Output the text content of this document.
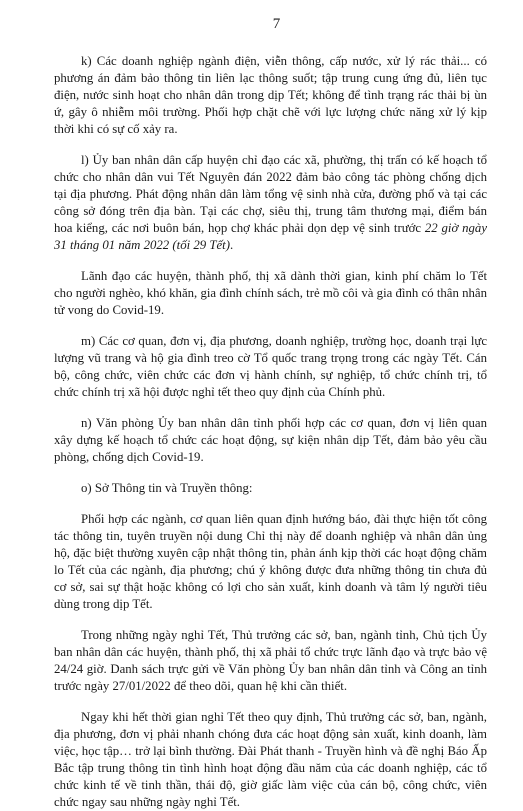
7

k) Các doanh nghiệp ngành điện, viễn thông, cấp nước, xử lý rác thải... có phương án đảm bảo thông tin liên lạc thông suốt; tập trung cung ứng đủ, liên tục điện, nước sinh hoạt cho nhân dân trong dịp Tết; không để tình trạng rác thải bị ùn ứ, gây ô nhiễm môi trường. Phối hợp chặt chẽ với lực lượng chức năng xử lý kịp thời khi có sự cố xảy ra.

l) Ủy ban nhân dân cấp huyện chỉ đạo các xã, phường, thị trấn có kế hoạch tổ chức cho nhân dân vui Tết Nguyên đán 2022 đảm bảo công tác phòng chống dịch tại địa phương. Phát động nhân dân làm tổng vệ sinh nhà cửa, đường phố và tại các công sở đóng trên địa bàn. Tại các chợ, siêu thị, trung tâm thương mại, điểm bán hoa kiểng, các nơi buôn bán, họp chợ khác phải dọn dẹp vệ sinh trước 22 giờ ngày 31 tháng 01 năm 2022 (tối 29 Tết).

Lãnh đạo các huyện, thành phố, thị xã dành thời gian, kinh phí chăm lo Tết cho người nghèo, khó khăn, gia đình chính sách, trẻ mồ côi và gia đình có thân nhân tử vong do Covid-19.

m) Các cơ quan, đơn vị, địa phương, doanh nghiệp, trường học, doanh trại lực lượng vũ trang và hộ gia đình treo cờ Tổ quốc trang trọng trong các ngày Tết. Cán bộ, công chức, viên chức các đơn vị hành chính, sự nghiệp, tổ chức chính trị, tổ chức chính trị xã hội được nghỉ tết theo quy định của Chính phủ.

n) Văn phòng Ủy ban nhân dân tỉnh phối hợp các cơ quan, đơn vị liên quan xây dựng kế hoạch tổ chức các hoạt động, sự kiện nhân dịp Tết, đảm bảo yêu cầu phòng, chống dịch Covid-19.

o) Sở Thông tin và Truyền thông:

Phối hợp các ngành, cơ quan liên quan định hướng báo, đài thực hiện tốt công tác thông tin, tuyên truyền nội dung Chỉ thị này để doanh nghiệp và nhân dân ủng hộ, đặc biệt thường xuyên cập nhật thông tin, phản ánh kịp thời các hoạt động chăm lo Tết của các ngành, địa phương; chú ý không được đưa những thông tin chưa đủ cơ sở, sai sự thật hoặc không có lợi cho sản xuất, kinh doanh và tâm lý người tiêu dùng trong dịp Tết.

Trong những ngày nghỉ Tết, Thủ trưởng các sở, ban, ngành tỉnh, Chủ tịch Ủy ban nhân dân các huyện, thành phố, thị xã phải tổ chức trực lãnh đạo và trực bảo vệ 24/24 giờ. Danh sách trực gửi về Văn phòng Ủy ban nhân dân tỉnh và Công an tỉnh trước ngày 27/01/2022 để theo dõi, quan hệ khi cần thiết.

Ngay khi hết thời gian nghỉ Tết theo quy định, Thủ trưởng các sở, ban, ngành, địa phương, đơn vị phải nhanh chóng đưa các hoạt động sản xuất, kinh doanh, làm việc, học tập… trở lại bình thường. Đài Phát thanh - Truyền hình và đề nghị Báo Ấp Bắc tập trung thông tin tình hình hoạt động đầu năm của các doanh nghiệp, các tổ chức kinh tế về tinh thần, thái độ, giờ giấc làm việc của cán bộ, công chức, viên chức ngay sau những ngày nghỉ Tết.
